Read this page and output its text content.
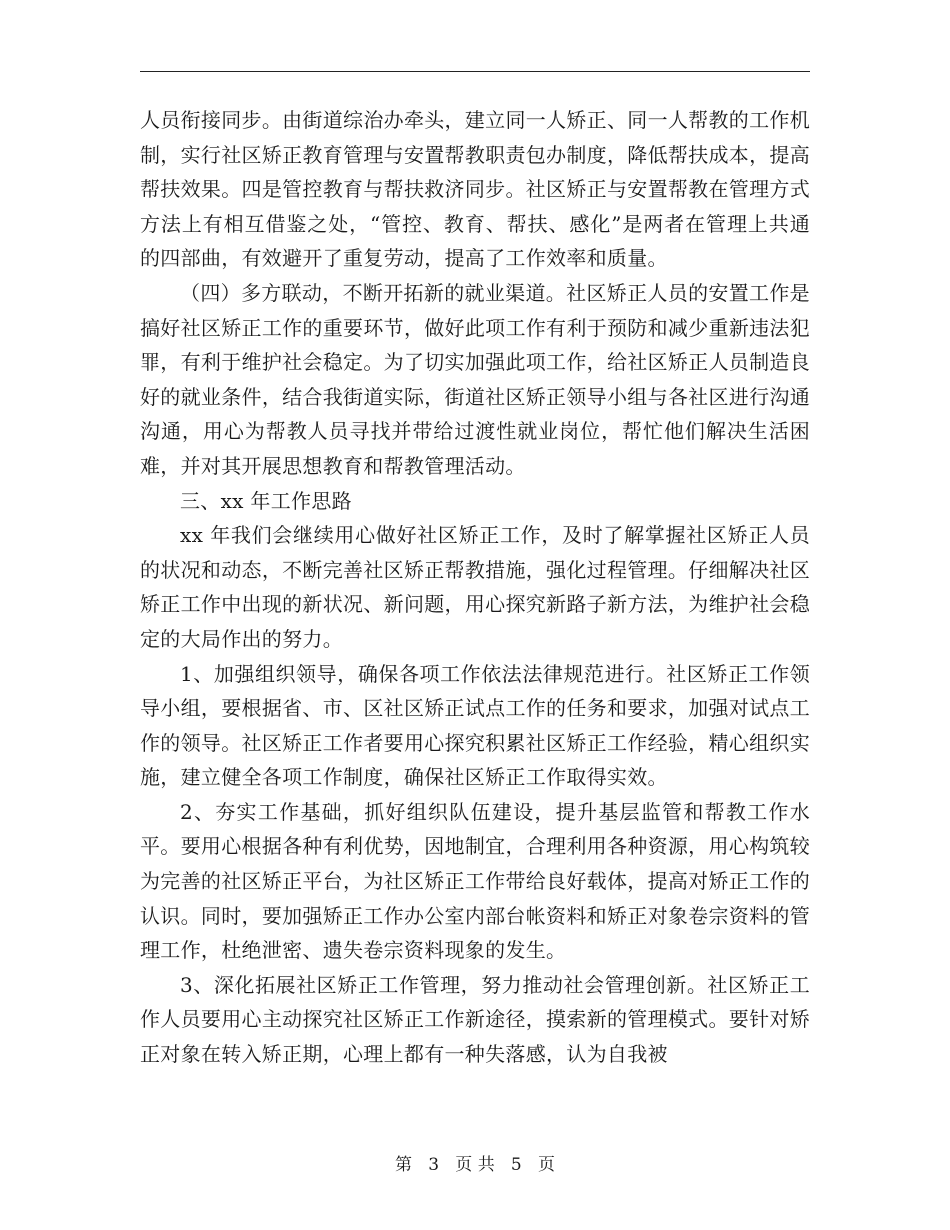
人员衔接同步。由街道综治办牵头，建立同一人矫正、同一人帮教的工作机制，实行社区矫正教育管理与安置帮教职责包办制度，降低帮扶成本，提高帮扶效果。四是管控教育与帮扶救济同步。社区矫正与安置帮教在管理方式方法上有相互借鉴之处，“管控、教育、帮扶、感化”是两者在管理上共通的四部曲，有效避开了重复劳动，提高了工作效率和质量。

（四）多方联动，不断开拓新的就业渠道。社区矫正人员的安置工作是搞好社区矫正工作的重要环节，做好此项工作有利于预防和减少重新违法犯罪，有利于维护社会稳定。为了切实加强此项工作，给社区矫正人员制造良好的就业条件，结合我街道实际，街道社区矫正领导小组与各社区进行沟通沟通，用心为帮教人员寻找并带给过渡性就业岗位，帮忙他们解决生活困难，并对其开展思想教育和帮教管理活动。

三、xx 年工作思路

xx 年我们会继续用心做好社区矫正工作，及时了解掌握社区矫正人员的状况和动态，不断完善社区矫正帮教措施，强化过程管理。仔细解决社区矫正工作中出现的新状况、新问题，用心探究新路子新方法，为维护社会稳定的大局作出的努力。

1、加强组织领导，确保各项工作依法法律规范进行。社区矫正工作领导小组，要根据省、市、区社区矫正试点工作的任务和要求，加强对试点工作的领导。社区矫正工作者要用心探究积累社区矫正工作经验，精心组织实施，建立健全各项工作制度，确保社区矫正工作取得实效。

2、夯实工作基础，抓好组织队伍建设，提升基层监管和帮教工作水平。要用心根据各种有利优势，因地制宜，合理利用各种资源，用心构筑较为完善的社区矫正平台，为社区矫正工作带给良好载体，提高对矫正工作的认识。同时，要加强矫正工作办公室内部台帐资料和矫正对象卷宗资料的管理工作，杜绝泄密、遗失卷宗资料现象的发生。

3、深化拓展社区矫正工作管理，努力推动社会管理创新。社区矫正工作人员要用心主动探究社区矫正工作新途径，摸索新的管理模式。要针对矫正对象在转入矫正期，心理上都有一种失落感，认为自我被

第 3 页 共 5 页
